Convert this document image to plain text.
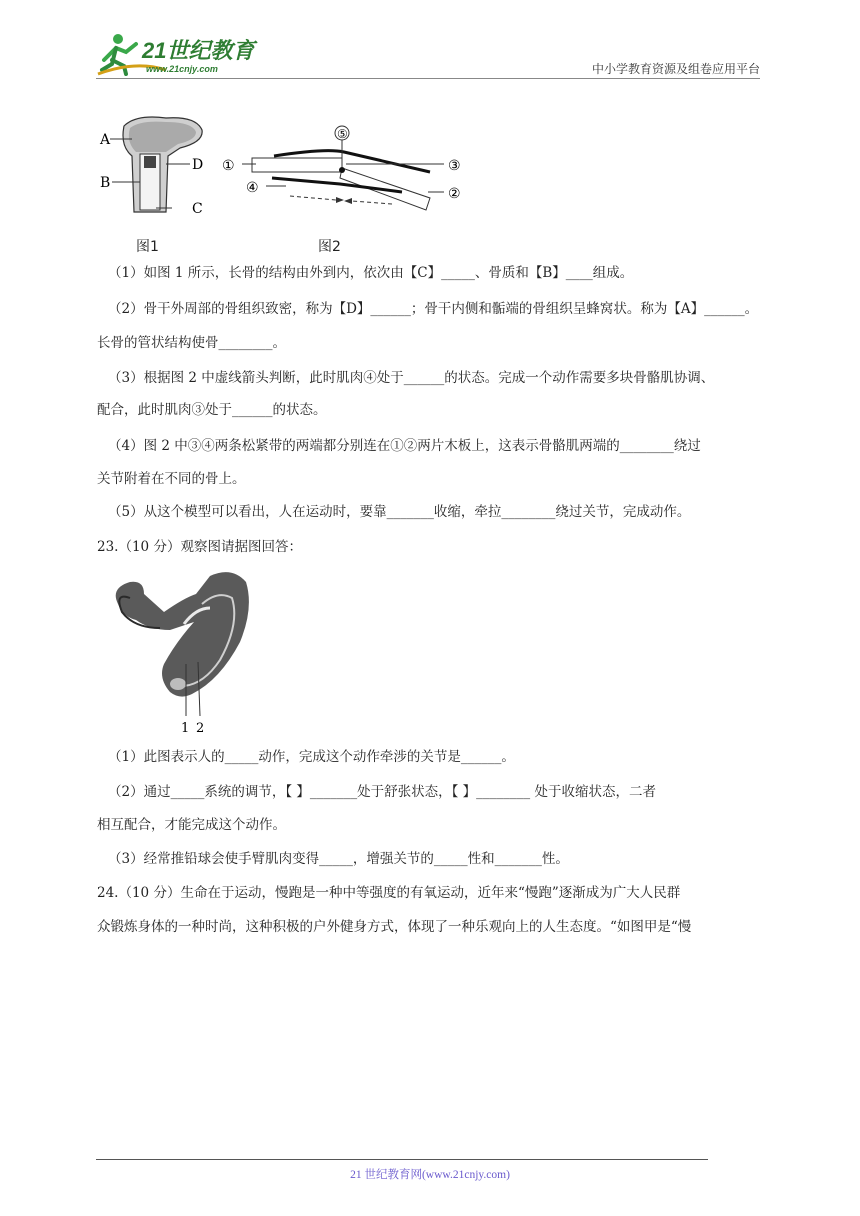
21世纪教育
www.21cnjy.com	中小学教育资源及组卷应用平台
A
B
C
D
⑤
①	③
④	②
图1	图2
（1）如图 1 所示，长骨的结构由外到内，依次由【C】_____、骨质和【B】____组成。
（2）骨干外周部的骨组织致密，称为【D】______；骨干内侧和骺端的骨组织呈蜂窝状。称为【A】______。
长骨的管状结构使骨________。
（3）根据图 2 中虚线箭头判断，此时肌肉④处于______的状态。完成一个动作需要多块骨骼肌协调、
配合，此时肌肉③处于______的状态。
（4）图 2 中③④两条松紧带的两端都分别连在①②两片木板上，这表示骨骼肌两端的________绕过
关节附着在不同的骨上。
（5）从这个模型可以看出，人在运动时，要靠_______收缩，牵拉________绕过关节，完成动作。
23.（10 分）观察图请据图回答：
1 2
（1）此图表示人的_____动作，完成这个动作牵涉的关节是______。
（2）通过_____系统的调节，【 】_______处于舒张状态，【 】________ 处于收缩状态，二者
相互配合，才能完成这个动作。
（3）经常推铅球会使手臂肌肉变得_____，增强关节的_____性和_______性。
24.（10 分）生命在于运动，慢跑是一种中等强度的有氧运动，近年来“慢跑”逐渐成为广大人民群
众锻炼身体的一种时尚，这种积极的户外健身方式，体现了一种乐观向上的人生态度。“如图甲是“慢
21 世纪教育网(www.21cnjy.com)
